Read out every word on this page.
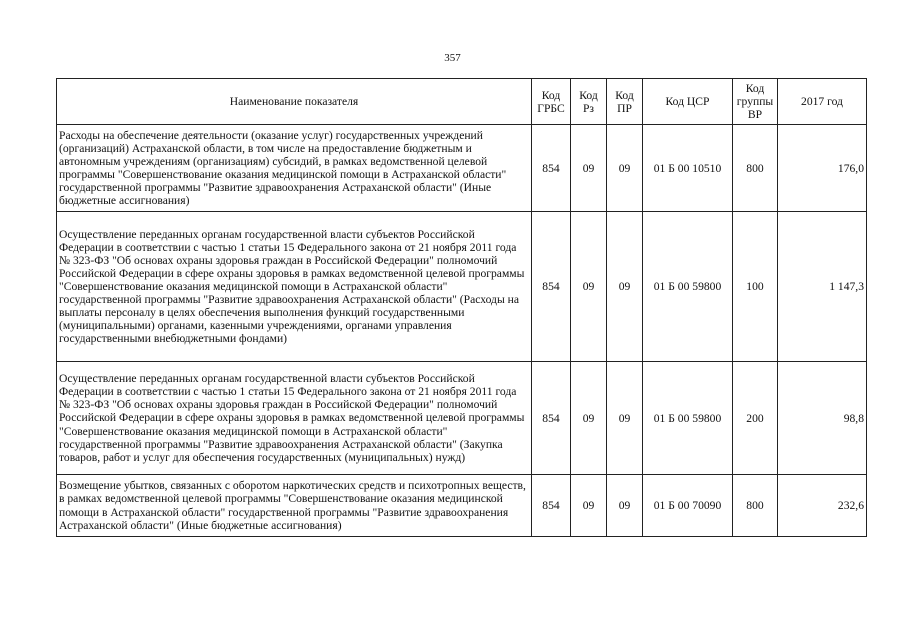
357
Наименование показателя	Код ГРБС	Код Рз	Код ПР	Код ЦСР	Код группы ВР	2017 год
Расходы на обеспечение деятельности (оказание услуг) государственных учреждений (организаций) Астраханской области, в том числе на предоставление бюджетным и автономным учреждениям (организациям) субсидий, в рамках ведомственной целевой программы "Совершенствование оказания медицинской помощи в Астраханской области" государственной программы "Развитие здравоохранения Астраханской области" (Иные бюджетные ассигнования)	854	09	09	01 Б 00 10510	800	176,0
Осуществление переданных органам государственной власти субъектов Российской Федерации в соответствии с частью 1 статьи 15 Федерального закона от 21 ноября 2011 года № 323-ФЗ "Об основах охраны здоровья граждан в Российской Федерации" полномочий Российской Федерации в сфере охраны здоровья в рамках ведомственной целевой программы "Совершенствование оказания медицинской помощи в Астраханской области" государственной программы "Развитие здравоохранения Астраханской области" (Расходы на выплаты персоналу в целях обеспечения выполнения функций государственными (муниципальными) органами, казенными учреждениями, органами управления государственными внебюджетными фондами)	854	09	09	01 Б 00 59800	100	1 147,3
Осуществление переданных органам государственной власти субъектов Российской Федерации в соответствии с частью 1 статьи 15 Федерального закона от 21 ноября 2011 года № 323-ФЗ "Об основах охраны здоровья граждан в Российской Федерации" полномочий Российской Федерации в сфере охраны здоровья в рамках ведомственной целевой программы "Совершенствование оказания медицинской помощи в Астраханской области" государственной программы "Развитие здравоохранения Астраханской области" (Закупка товаров, работ и услуг для обеспечения государственных (муниципальных) нужд)	854	09	09	01 Б 00 59800	200	98,8
Возмещение убытков, связанных с оборотом наркотических средств и психотропных веществ, в рамках ведомственной целевой программы "Совершенствование оказания медицинской помощи в Астраханской области" государственной программы "Развитие здравоохранения Астраханской области" (Иные бюджетные ассигнования)	854	09	09	01 Б 00 70090	800	232,6
